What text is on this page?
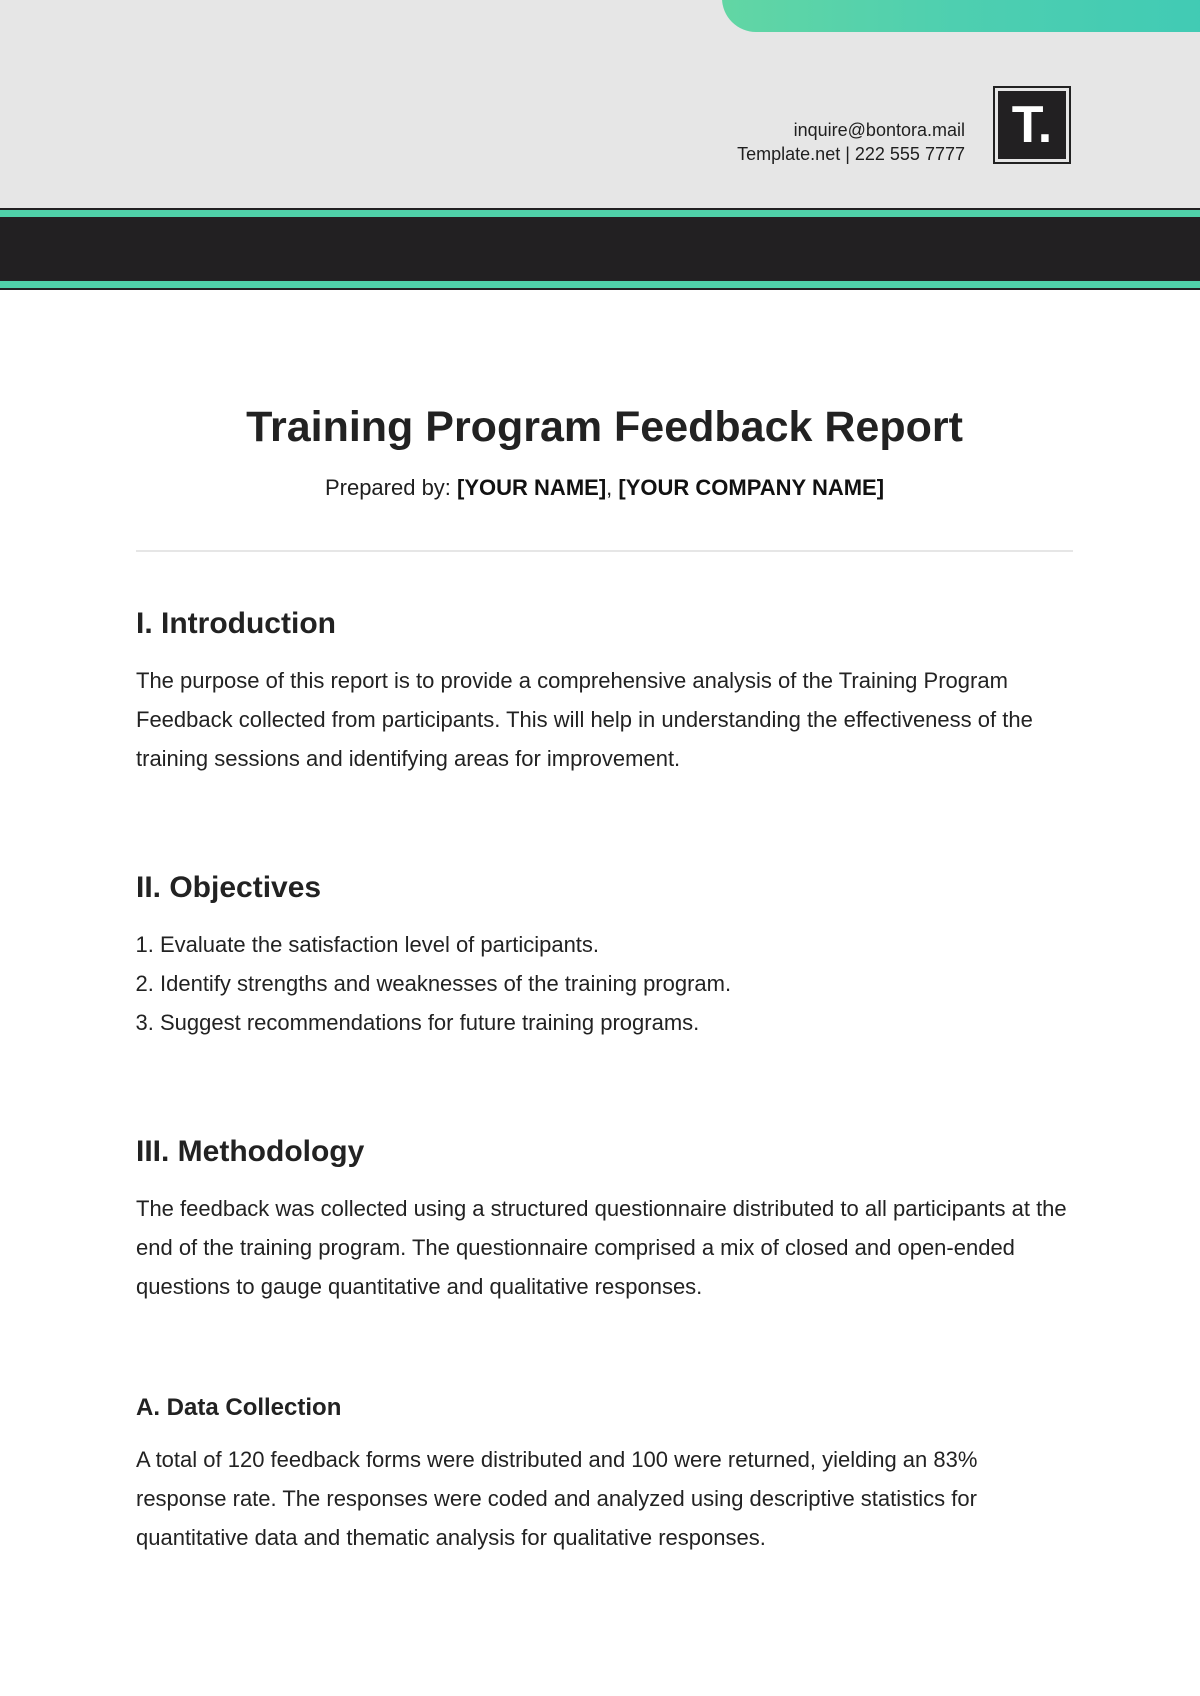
inquire@bontora.mail
Template.net | 222 555 7777 T.
Training Program Feedback Report
Prepared by: [YOUR NAME], [YOUR COMPANY NAME]
I. Introduction

The purpose of this report is to provide a comprehensive analysis of the Training Program Feedback collected from participants. This will help in understanding the effectiveness of the training sessions and identifying areas for improvement.

II. Objectives
1. Evaluate the satisfaction level of participants.
2. Identify strengths and weaknesses of the training program.
3. Suggest recommendations for future training programs.
III. Methodology

The feedback was collected using a structured questionnaire distributed to all participants at the end of the training program. The questionnaire comprised a mix of closed and open-ended questions to gauge quantitative and qualitative responses.

A. Data Collection

A total of 120 feedback forms were distributed and 100 were returned, yielding an 83% response rate. The responses were coded and analyzed using descriptive statistics for quantitative data and thematic analysis for qualitative responses.
